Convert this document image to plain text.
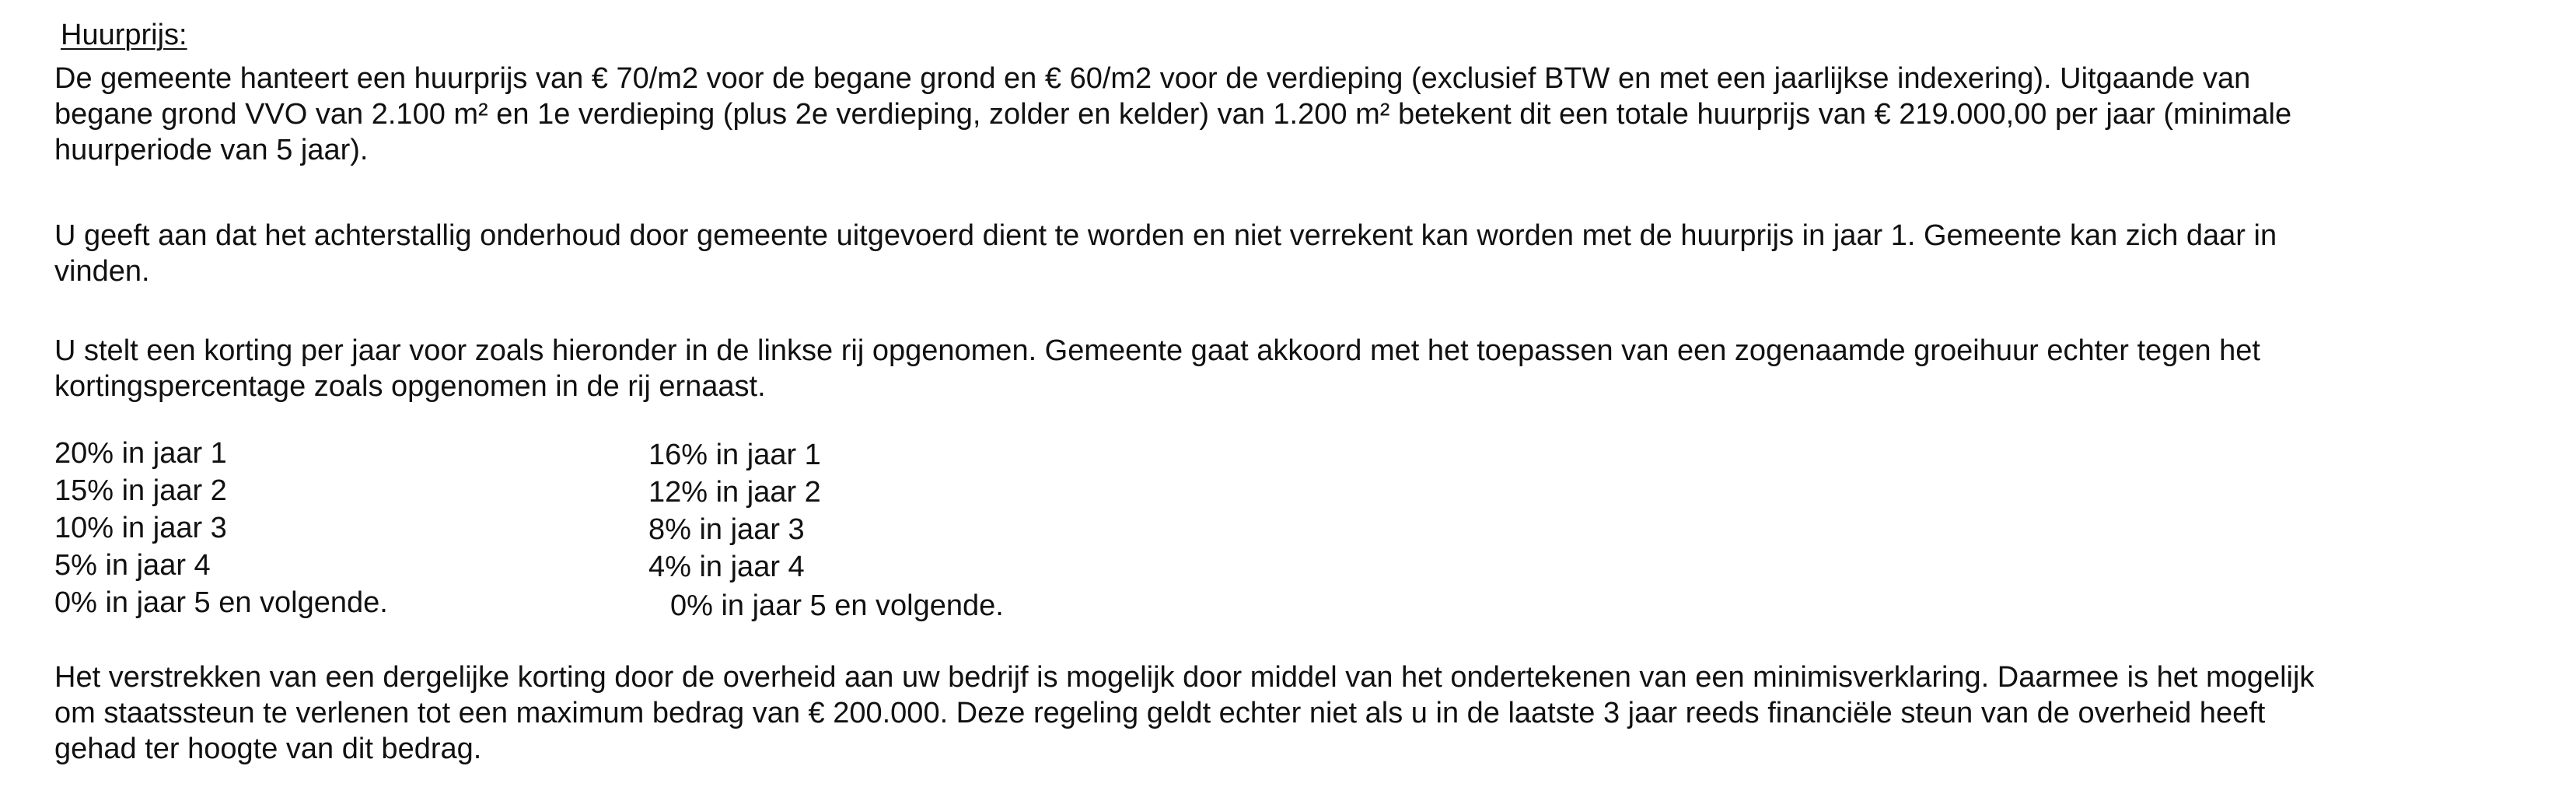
Huurprijs:
De gemeente hanteert een huurprijs van € 70/m2 voor de begane grond en € 60/m2 voor de verdieping (exclusief BTW en met een jaarlijkse indexering). Uitgaande van
begane grond VVO van 2.100 m² en 1e verdieping (plus 2e verdieping, zolder en kelder) van 1.200 m² betekent dit een totale huurprijs van € 219.000,00 per jaar (minimale
huurperiode van 5 jaar).
U geeft aan dat het achterstallig onderhoud door gemeente uitgevoerd dient te worden en niet verrekent kan worden met de huurprijs in jaar 1. Gemeente kan zich daar in
vinden.
U stelt een korting per jaar voor zoals hieronder in de linkse rij opgenomen. Gemeente gaat akkoord met het toepassen van een zogenaamde groeihuur echter tegen het
kortingspercentage zoals opgenomen in de rij ernaast.
20% in jaar 1
15% in jaar 2
10% in jaar 3
5% in jaar 4
0% in jaar 5 en volgende.
16% in jaar 1
12% in jaar 2
8% in jaar 3
4% in jaar 4
0% in jaar 5 en volgende.
Het verstrekken van een dergelijke korting door de overheid aan uw bedrijf is mogelijk door middel van het ondertekenen van een minimisverklaring. Daarmee is het mogelijk
om staatssteun te verlenen tot een maximum bedrag van € 200.000. Deze regeling geldt echter niet als u in de laatste 3 jaar reeds financiële steun van de overheid heeft
gehad ter hoogte van dit bedrag.
